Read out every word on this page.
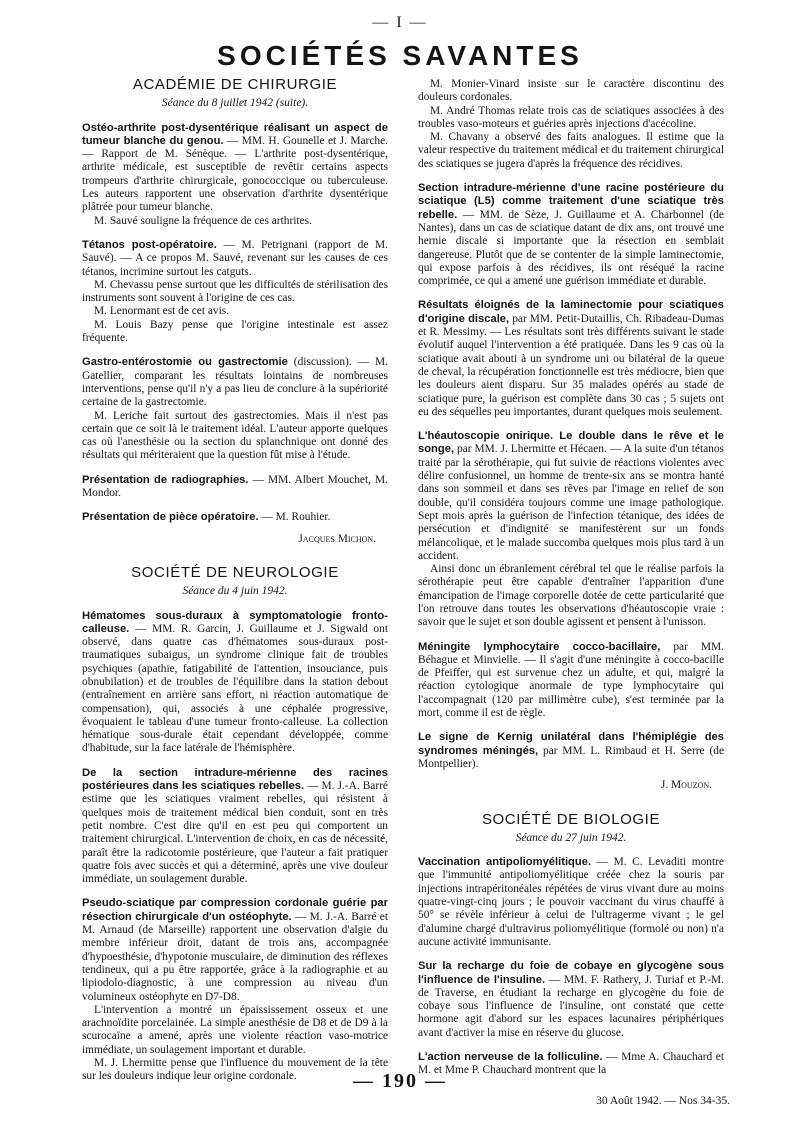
— I —
SOCIÉTÉS SAVANTES
ACADÉMIE DE CHIRURGIE
Séance du 8 juillet 1942 (suite).

Ostéo-arthrite post-dysentérique réalisant un aspect de tumeur blanche du genou. — MM. H. Gounelle et J. Marche. — Rapport de M. Sénèque. — L'arthrite post-dysentérique, arthrite médicale, est susceptible de revêtir certains aspects trompeurs d'arthrite chirurgicale, gonococcique ou tuberculeuse. Les auteurs rapportent une observation d'arthrite dysentérique plâtrée pour tumeur blanche.

M. Sauvé souligne la fréquence de ces arthrites.

Tétanos post-opératoire. — M. Petrignani (rapport de M. Sauvé). — A ce propos M. Sauvé, revenant sur les causes de ces tétanos, incrimine surtout les catguts.

M. Chevassu pense surtout que les difficultés de stérilisation des instruments sont souvent à l'origine de ces cas.

M. Lenormant est de cet avis.

M. Louis Bazy pense que l'origine intestinale est assez fréquente.

Gastro-entérostomie ou gastrectomie (discussion). — M. Gatellier, comparant les résultats lointains de nombreuses interventions, pense qu'il n'y a pas lieu de conclure à la supériorité certaine de la gastrectomie.

M. Leriche fait surtout des gastrectomies. Mais il n'est pas certain que ce soit là le traitement idéal. L'auteur apporte quelques cas où l'anesthésie ou la section du splanchnique ont donné des résultats qui mériteraient que la question fût mise à l'étude.

Présentation de radiographies. — MM. Albert Mouchet, M. Mondor.

Présentation de pièce opératoire. — M. Rouhier.

Jacques Michon.
SOCIÉTÉ DE NEUROLOGIE
Séance du 4 juin 1942.

Hématomes sous-duraux à symptomatologie fronto-calleuse. — MM. R. Garcin, J. Guillaume et J. Sigwald ont observé, dans quatre cas d'hématomes sous-duraux post-traumatiques subaigus, un syndrome clinique fait de troubles psychiques (apathie, fatigabilité de l'attention, insouciance, puis obnubilation) et de troubles de l'équilibre dans la station debout (entraînement en arrière sans effort, ni réaction automatique de compensation), qui, associés à une céphalée progressive, évoquaient le tableau d'une tumeur fronto-calleuse. La collection hématique sous-durale était cependant développée, comme d'habitude, sur la face latérale de l'hémisphère.

De la section intradure-mérienne des racines postérieures dans les sciatiques rebelles. — M. J.-A. Barré estime que les sciatiques vraiment rebelles, qui résistent à quelques mois de traitement médical bien conduit, sont en très petit nombre. C'est dire qu'il en est peu qui comportent un traitement chirurgical. L'intervention de choix, en cas de nécessité, paraît être la radicotomie postérieure, que l'auteur a fait pratiquer quatre fois avec succès et qui a déterminé, après une vive douleur immédiate, un soulagement durable.

Pseudo-sciatique par compression cordonale guérie par résection chirurgicale d'un ostéophyte. — M. J.-A. Barré et M. Arnaud (de Marseille) rapportent une observation d'algie du membre inférieur droit, datant de trois ans, accompagnée d'hypoesthésie, d'hypotonie musculaire, de diminution des réflexes tendineux, qui a pu être rapportée, grâce à la radiographie et au lipiodolo-diagnostic, à une compression au niveau d'un volumineux ostéophyte en D7-D8.

L'intervention a montré un épaississement osseux et une arachnoïdite porcelainée. La simple anesthésie de D8 et de D9 à la scurocaïne a amené, après une violente réaction vaso-motrice immédiate, un soulagement important et durable.

M. J. Lhermitte pense que l'influence du mouvement de la tête sur les douleurs indique leur origine cordonale.

M. Monier-Vinard insiste sur le caractère discontinu des douleurs cordonales.

M. André Thomas relate trois cas de sciatiques associées à des troubles vaso-moteurs et guéries après injections d'acécoline.

M. Chavany a observé des faits analogues. Il estime que la valeur respective du traitement médical et du traitement chirurgical des sciatiques se jugera d'après la fréquence des récidives.

Section intradure-mérienne d'une racine postérieure du sciatique (L5) comme traitement d'une sciatique très rebelle. — MM. de Sèze, J. Guillaume et A. Charbonnel (de Nantes), dans un cas de sciatique datant de dix ans, ont trouvé une hernie discale si importante que la résection en semblait dangereuse. Plutôt que de se contenter de la simple laminectomie, qui expose parfois à des récidives, ils ont réséqué la racine comprimée, ce qui a amené une guérison immédiate et durable.

Résultats éloignés de la laminectomie pour sciatiques d'origine discale, par MM. Petit-Dutaillis, Ch. Ribadeau-Dumas et R. Messimy. — Les résultats sont très différents suivant le stade évolutif auquel l'intervention a été pratiquée. Dans les 9 cas où la sciatique avait abouti à un syndrome uni ou bilatéral de la queue de cheval, la récupération fonctionnelle est très médiocre, bien que les douleurs aient disparu. Sur 35 malades opérés au stade de sciatique pure, la guérison est complète dans 30 cas ; 5 sujets ont eu des séquelles peu importantes, durant quelques mois seulement.

L'héautoscopie onirique. Le double dans le rêve et le songe, par MM. J. Lhermitte et Hécaen. — A la suite d'un tétanos traité par la sérothérapie, qui fut suivie de réactions violentes avec délire confusionnel, un homme de trente-six ans se montra hanté dans son sommeil et dans ses rêves par l'image en relief de son double, qu'il considéra toujours comme une image pathologique. Sept mois après la guérison de l'infection tétanique, des idées de persécution et d'indignité se manifestèrent sur un fonds mélancolique, et le malade succomba quelques mois plus tard à un accident.

Ainsi donc un ébranlement cérébral tel que le réalise parfois la sérothérapie peut être capable d'entraîner l'apparition d'une émancipation de l'image corporelle dotée de cette particularité que l'on retrouve dans toutes les observations d'héautoscopie vraie : savoir que le sujet et son double agissent et pensent à l'unisson.

Méningite lymphocytaire cocco-bacillaire, par MM. Béhague et Minvielle. — Il s'agit d'une méningite à cocco-bacille de Pfeiffer, qui est survenue chez un adulte, et qui, malgré la réaction cytologique anormale de type lymphocytaire qui l'accompagnait (120 par millimètre cube), s'est terminée par la mort, comme il est de règle.

Le signe de Kernig unilatéral dans l'hémiplégie des syndromes méningés, par MM. L. Rimbaud et H. Serre (de Montpellier).

J. Mouzon.
SOCIÉTÉ DE BIOLOGIE
Séance du 27 juin 1942.

Vaccination antipoliomyélitique. — M. C. Levaditi montre que l'immunité antipoliomyélitique créée chez la souris par injections intrapéritonéales répétées de virus vivant dure au moins quatre-vingt-cinq jours ; le pouvoir vaccinant du virus chauffé à 50° se révèle inférieur à celui de l'ultragerme vivant ; le gel d'alumine chargé d'ultravirus poliomyélitique (formolé ou non) n'a aucune activité immunisante.

Sur la recharge du foie de cobaye en glycogène sous l'influence de l'insuline. — MM. F. Rathery, J. Turiaf et P.-M. de Traverse, en étudiant la recharge en glycogène du foie de cobaye sous l'influence de l'insuline, ont constaté que cette hormone agit d'abord sur les espaces lacunaires périphériques avant d'activer la mise en réserve du glucose.

L'action nerveuse de la folliculine. — Mme A. Chauchard et M. et Mme P. Chauchard montrent que la

— 190 —
30 Août 1942. — Nos 34-35.
